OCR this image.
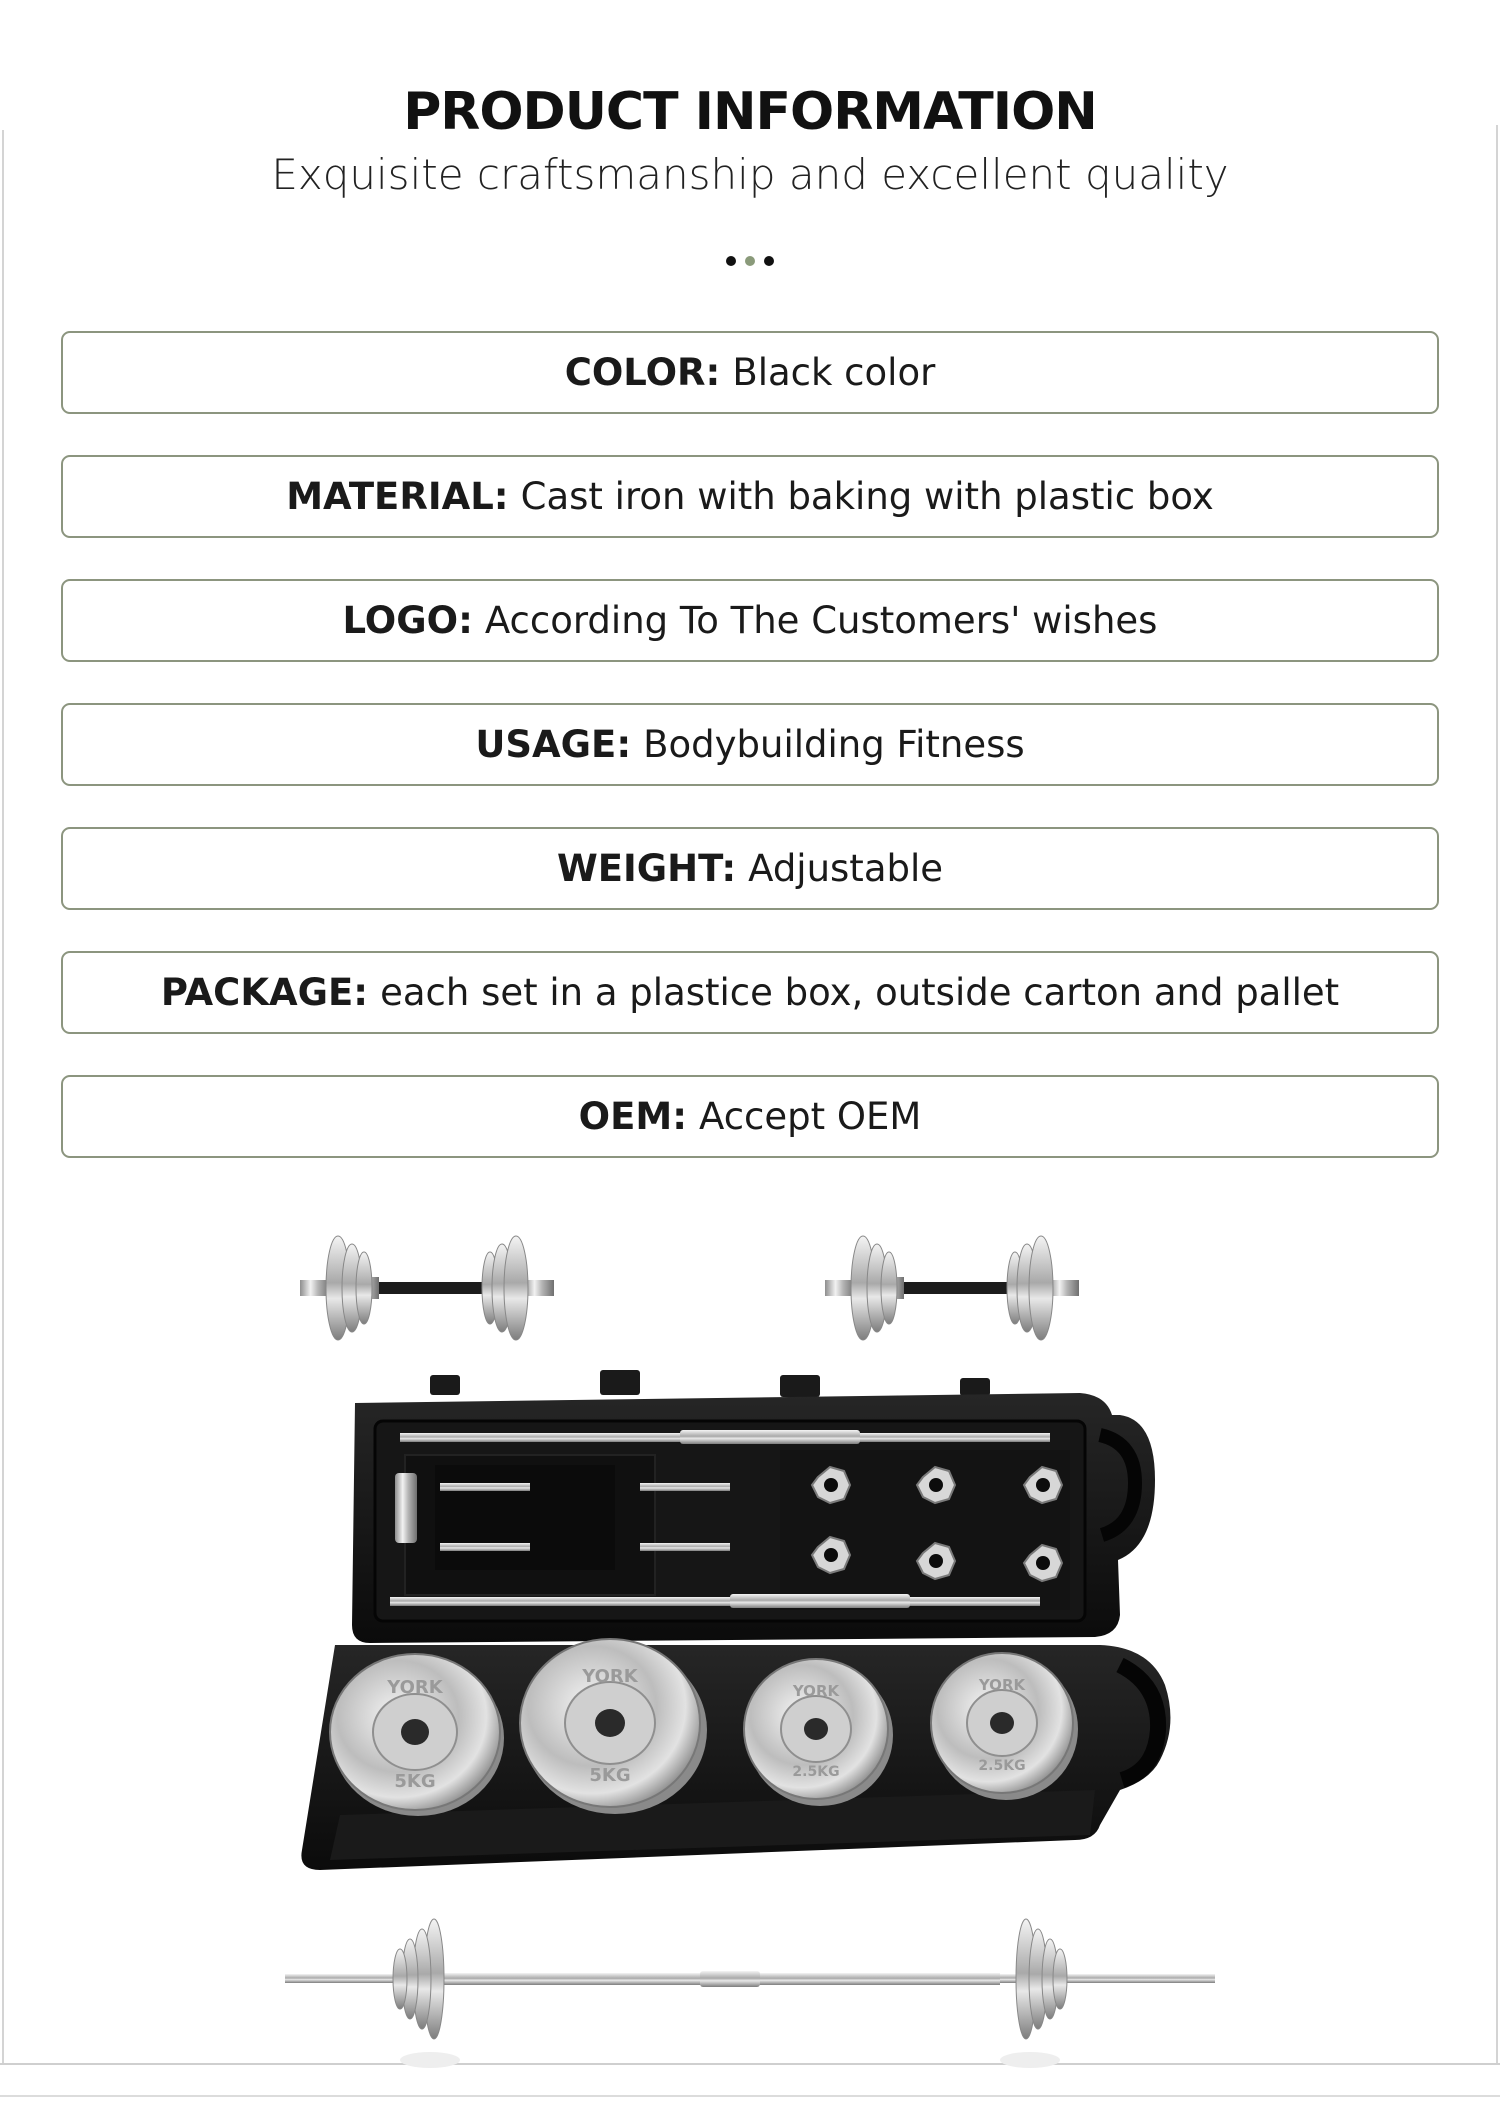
PRODUCT INFORMATION

Exquisite craftsmanship and excellent quality

COLOR: Black color
MATERIAL: Cast iron with baking with plastic box
LOGO: According To The Customers' wishes
USAGE: Bodybuilding Fitness
WEIGHT: Adjustable
PACKAGE: each set in a plastice box, outside carton and pallet
OEM: Accept OEM
YORK
5KG
YORK
5KG
YORK
2.5KG
YORK
2.5KG
